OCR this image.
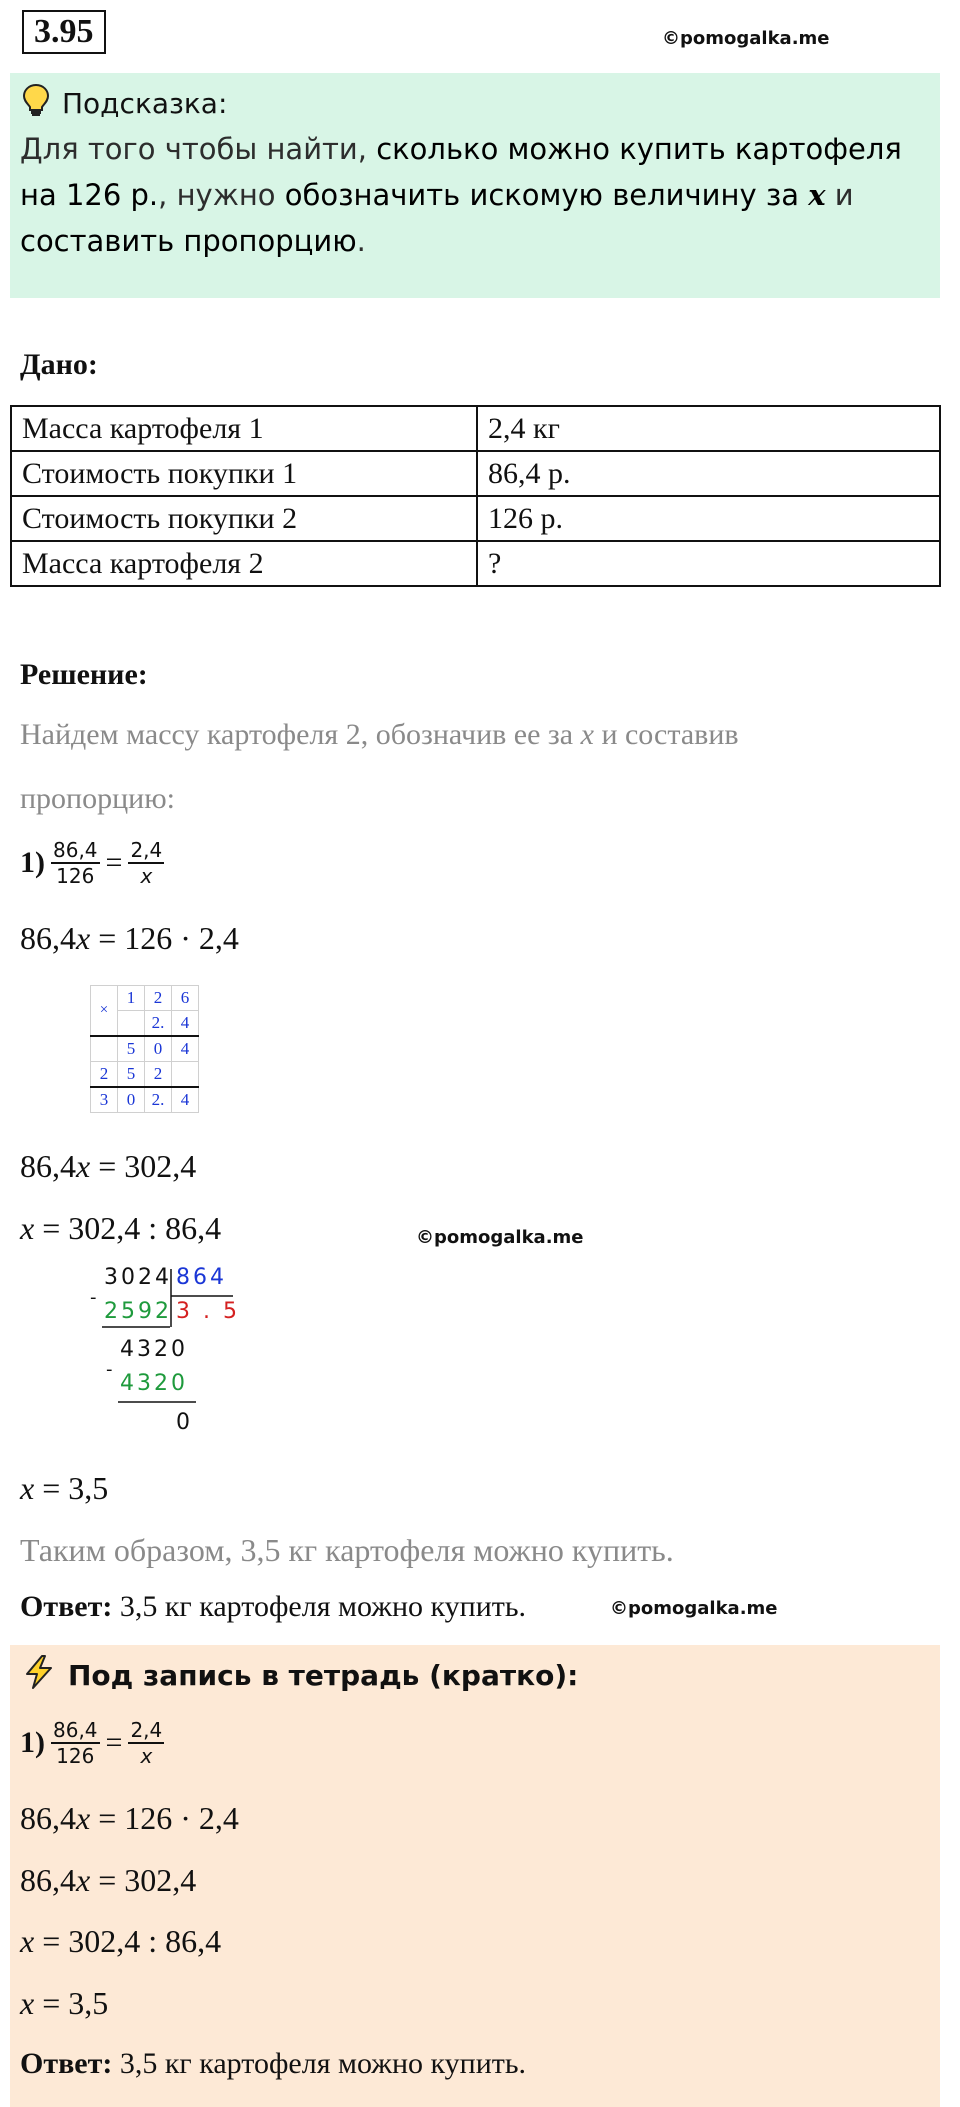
3.95	©pomogalka.me
Подсказка:
Для того чтобы найти, сколько можно купить картофеля на 126 р., нужно обозначить искомую величину за x и составить пропорцию.
Дано:
Масса картофеля 1	2,4 кг
Стоимость покупки 1	86,4 р.
Стоимость покупки 2	126 р.
Масса картофеля 2	?
Решение:
Найдем массу картофеля 2, обозначив ее за x и составив
пропорцию:
$1) \frac{86,4}{126} = \frac{2,4}{x}$
86,4x = 126 · 2,4
×	1	2	6
		2.	4
	5	0	4
2	5	2	
3	0	2.	4
86,4x = 302,4
x = 302,4 : 86,4	©pomogalka.me
3024 864
-
2592 3 . 5
4320
-
4320
0
x = 3,5
Таким образом, 3,5 кг картофеля можно купить.
Ответ: 3,5 кг картофеля можно купить.	©pomogalka.me
Под запись в тетрадь (кратко):
$1) \frac{86,4}{126} = \frac{2,4}{x}$
86,4x = 126 · 2,4
86,4x = 302,4
x = 302,4 : 86,4
x = 3,5
Ответ: 3,5 кг картофеля можно купить.
